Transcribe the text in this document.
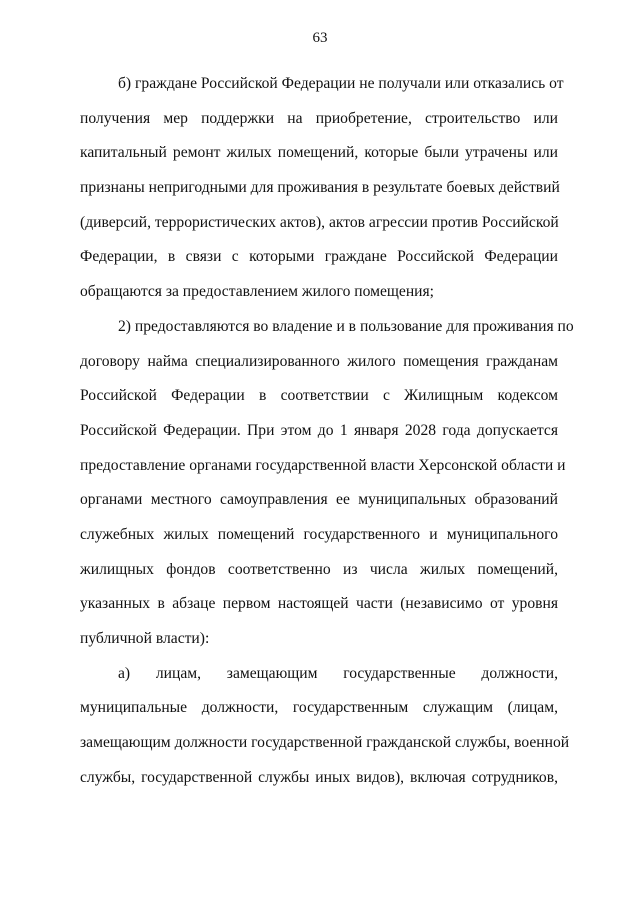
63
б) граждане Российской Федерации не получали или отказались от
получения мер поддержки на приобретение, строительство или
капитальный ремонт жилых помещений, которые были утрачены или
признаны непригодными для проживания в результате боевых действий
(диверсий, террористических актов), актов агрессии против Российской
Федерации, в связи с которыми граждане Российской Федерации
обращаются за предоставлением жилого помещения;
2) предоставляются во владение и в пользование для проживания по
договору найма специализированного жилого помещения гражданам
Российской Федерации в соответствии с Жилищным кодексом
Российской Федерации. При этом до 1 января 2028 года допускается
предоставление органами государственной власти Херсонской области и
органами местного самоуправления ее муниципальных образований
служебных жилых помещений государственного и муниципального
жилищных фондов соответственно из числа жилых помещений,
указанных в абзаце первом настоящей части (независимо от уровня
публичной власти):
а) лицам, замещающим государственные должности,
муниципальные должности, государственным служащим (лицам,
замещающим должности государственной гражданской службы, военной
службы, государственной службы иных видов), включая сотрудников,
